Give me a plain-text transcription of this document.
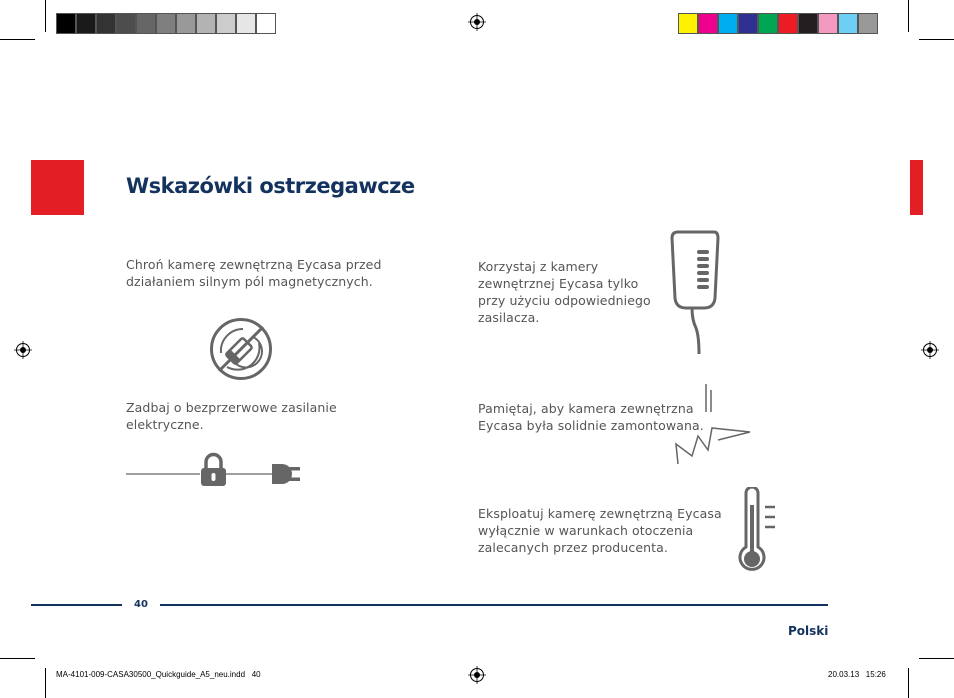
Wskazówki ostrzegawcze
Chroń kamerę zewnętrzną Eycasa przed
działaniem silnym pól magnetycznych.
Zadbaj o bezprzerwowe zasilanie
elektryczne.
Korzystaj z kamery
zewnętrznej Eycasa tylko
przy użyciu odpowiedniego
zasilacza.
Pamiętaj, aby kamera zewnętrzna
Eycasa była solidnie zamontowana.
Eksploatuj kamerę zewnętrzną Eycasa
wyłącznie w warunkach otoczenia
zalecanych przez producenta.
40
Polski
MA-4101-009-CASA30500_Quickguide_A5_neu.indd   40	20.03.13   15:26
